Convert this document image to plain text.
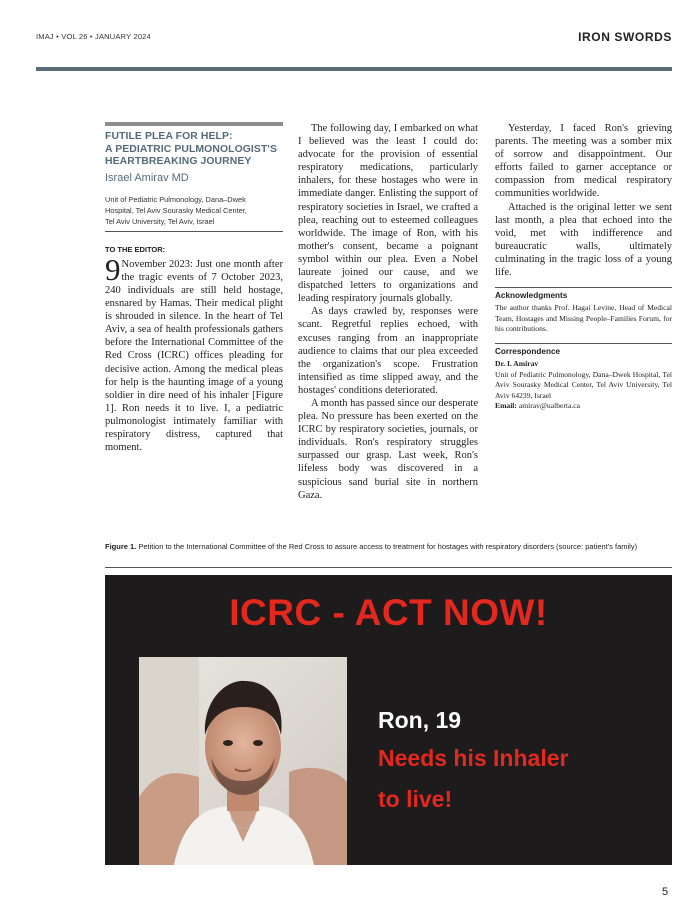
IMAJ • VOL 26 • JANUARY 2024	IRON SWORDS
FUTILE PLEA FOR HELP:
A PEDIATRIC PULMONOLOGIST'S
HEARTBREAKING JOURNEY
Israel Amirav MD
Unit of Pediatric Pulmonology, Dana–Dwek
Hospital, Tel Aviv Sourasky Medical Center,
Tel Aviv University, Tel Aviv, Israel
TO THE EDITOR:

9 November 2023: Just one month after the tragic events of 7 October 2023, 240 individuals are still held hostage, ensnared by Hamas. Their medical plight is shrouded in silence. In the heart of Tel Aviv, a sea of health professionals gathers before the International Committee of the Red Cross (ICRC) offices pleading for decisive action. Among the medical pleas for help is the haunting image of a young soldier in dire need of his inhaler [Figure 1]. Ron needs it to live. I, a pediatric pulmonologist intimately familiar with respiratory distress, captured that moment.

The following day, I embarked on what I believed was the least I could do: advocate for the provision of essential respiratory medications, particularly inhalers, for these hostages who were in immediate danger. Enlisting the support of respiratory societies in Israel, we crafted a plea, reaching out to esteemed colleagues worldwide. The image of Ron, with his mother's consent, became a poignant symbol within our plea. Even a Nobel laureate joined our cause, and we dispatched letters to organizations and leading respiratory journals globally.

As days crawled by, responses were scant. Regretful replies echoed, with excuses ranging from an inappropriate audience to claims that our plea exceeded the organization's scope. Frustration intensified as time slipped away, and the hostages' conditions deteriorated.

A month has passed since our desperate plea. No pressure has been exerted on the ICRC by respiratory societies, journals, or individuals. Ron's respiratory struggles surpassed our grasp. Last week, Ron's lifeless body was discovered in a suspicious sand burial site in northern Gaza.

Yesterday, I faced Ron's grieving parents. The meeting was a somber mix of sorrow and disappointment. Our efforts failed to garner acceptance or compassion from medical respiratory communities worldwide.

Attached is the original letter we sent last month, a plea that echoed into the void, met with indifference and bureaucratic walls, ultimately culminating in the tragic loss of a young life.

Acknowledgments
The author thanks Prof. Hagai Levine, Head of Medical Team, Hostages and Missing People–Families Forum, for his contributions.
Correspondence
Dr. I. Amirav
Unit of Pediatric Pulmonology, Dana–Dwek Hospital, Tel Aviv Sourasky Medical Center, Tel Aviv University, Tel Aviv 64239, Israel
Email: amirav@ualberta.ca
Figure 1. Petition to the International Committee of the Red Cross to assure access to treatment for hostages with respiratory disorders (source: patient's family)
ICRC - ACT NOW!
Ron, 19
Needs his Inhaler
to live!
5
